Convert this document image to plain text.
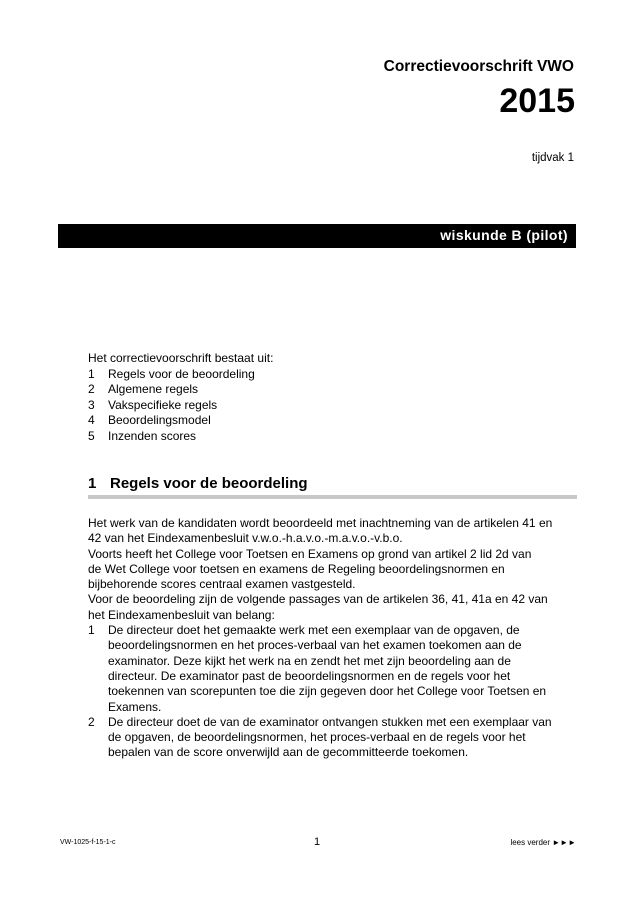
Correctievoorschrift VWO
2015
tijdvak 1
wiskunde B (pilot)
Het correctievoorschrift bestaat uit:
1	Regels voor de beoordeling
2	Algemene regels
3	Vakspecifieke regels
4	Beoordelingsmodel
5	Inzenden scores
1 Regels voor de beoordeling

Het werk van de kandidaten wordt beoordeeld met inachtneming van de artikelen 41 en

42 van het Eindexamenbesluit v.w.o.-h.a.v.o.-m.a.v.o.-v.b.o.

Voorts heeft het College voor Toetsen en Examens op grond van artikel 2 lid 2d van

de Wet College voor toetsen en examens de Regeling beoordelingsnormen en

bijbehorende scores centraal examen vastgesteld.

Voor de beoordeling zijn de volgende passages van de artikelen 36, 41, 41a en 42 van

het Eindexamenbesluit van belang:

1	De directeur doet het gemaakte werk met een exemplaar van de opgaven, de

beoordelingsnormen en het proces-verbaal van het examen toekomen aan de

examinator. Deze kijkt het werk na en zendt het met zijn beoordeling aan de

directeur. De examinator past de beoordelingsnormen en de regels voor het

toekennen van scorepunten toe die zijn gegeven door het College voor Toetsen en

Examens.

2	De directeur doet de van de examinator ontvangen stukken met een exemplaar van

de opgaven, de beoordelingsnormen, het proces-verbaal en de regels voor het

bepalen van de score onverwijld aan de gecommitteerde toekomen.

VW-1025-f-15-1-c	1	lees verder ►►►
